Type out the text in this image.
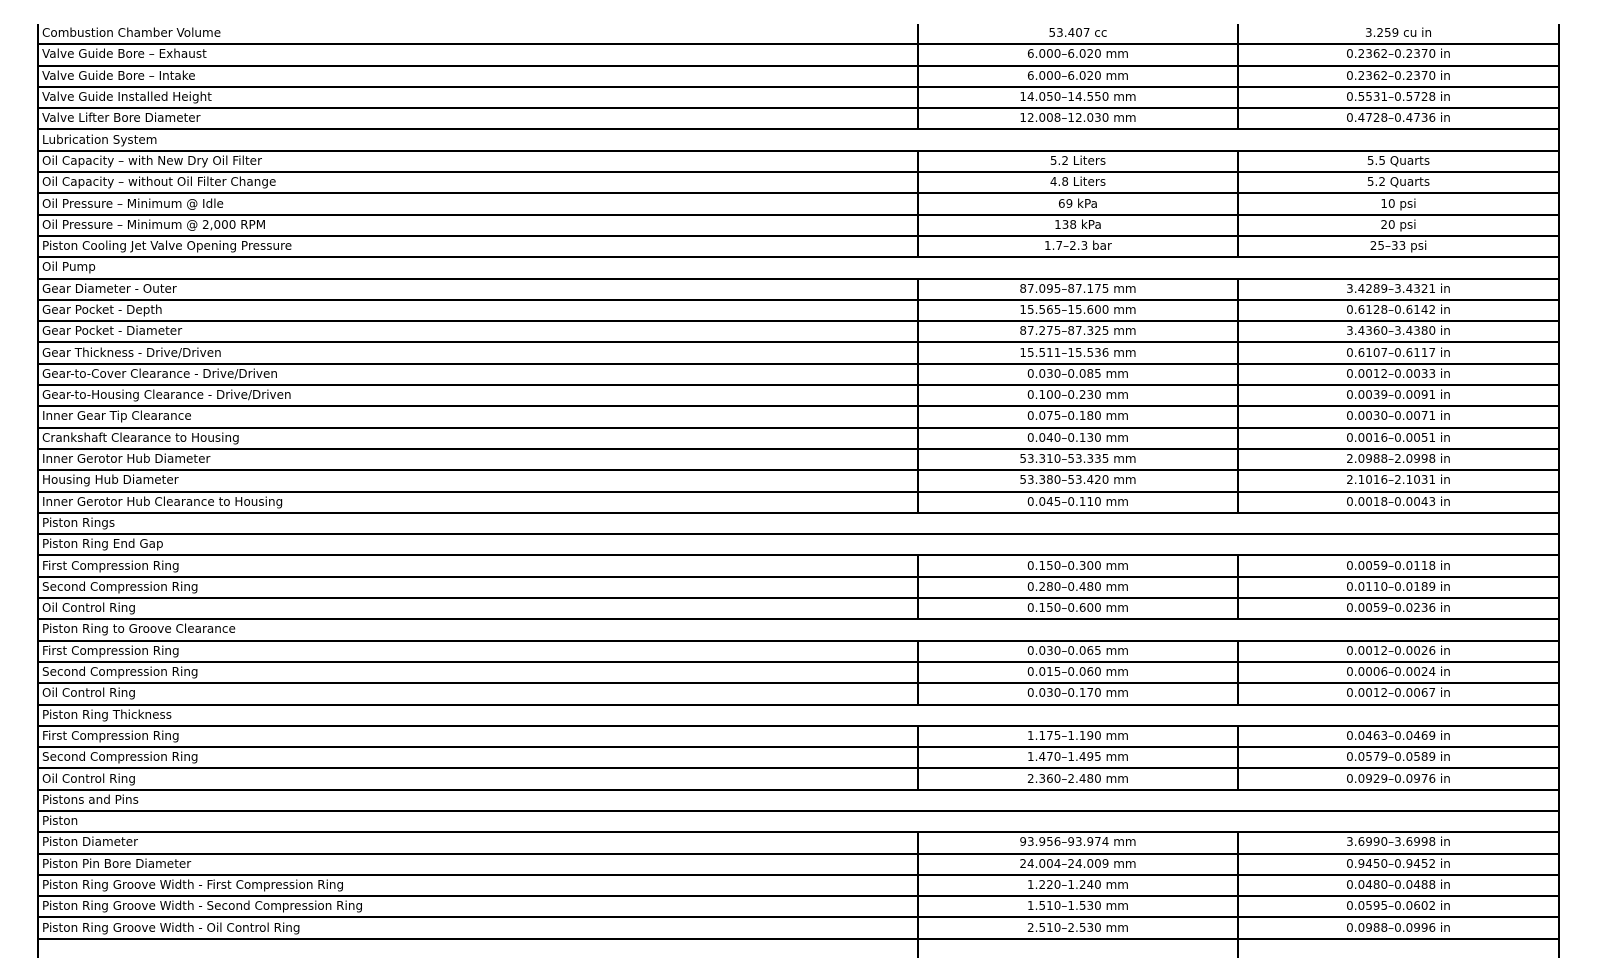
Combustion Chamber Volume	53.407 cc	3.259 cu in
Valve Guide Bore – Exhaust	6.000–6.020 mm	0.2362–0.2370 in
Valve Guide Bore – Intake	6.000–6.020 mm	0.2362–0.2370 in
Valve Guide Installed Height	14.050–14.550 mm	0.5531–0.5728 in
Valve Lifter Bore Diameter	12.008–12.030 mm	0.4728–0.4736 in
Lubrication System		
Oil Capacity – with New Dry Oil Filter	5.2 Liters	5.5 Quarts
Oil Capacity – without Oil Filter Change	4.8 Liters	5.2 Quarts
Oil Pressure – Minimum @ Idle	69 kPa	10 psi
Oil Pressure – Minimum @ 2,000 RPM	138 kPa	20 psi
Piston Cooling Jet Valve Opening Pressure	1.7–2.3 bar	25–33 psi
Oil Pump		
Gear Diameter - Outer	87.095–87.175 mm	3.4289–3.4321 in
Gear Pocket - Depth	15.565–15.600 mm	0.6128–0.6142 in
Gear Pocket - Diameter	87.275–87.325 mm	3.4360–3.4380 in
Gear Thickness - Drive/Driven	15.511–15.536 mm	0.6107–0.6117 in
Gear-to-Cover Clearance - Drive/Driven	0.030–0.085 mm	0.0012–0.0033 in
Gear-to-Housing Clearance - Drive/Driven	0.100–0.230 mm	0.0039–0.0091 in
Inner Gear Tip Clearance	0.075–0.180 mm	0.0030–0.0071 in
Crankshaft Clearance to Housing	0.040–0.130 mm	0.0016–0.0051 in
Inner Gerotor Hub Diameter	53.310–53.335 mm	2.0988–2.0998 in
Housing Hub Diameter	53.380–53.420 mm	2.1016–2.1031 in
Inner Gerotor Hub Clearance to Housing	0.045–0.110 mm	0.0018–0.0043 in
Piston Rings		
Piston Ring End Gap		
First Compression Ring	0.150–0.300 mm	0.0059–0.0118 in
Second Compression Ring	0.280–0.480 mm	0.0110–0.0189 in
Oil Control Ring	0.150–0.600 mm	0.0059–0.0236 in
Piston Ring to Groove Clearance		
First Compression Ring	0.030–0.065 mm	0.0012–0.0026 in
Second Compression Ring	0.015–0.060 mm	0.0006–0.0024 in
Oil Control Ring	0.030–0.170 mm	0.0012–0.0067 in
Piston Ring Thickness		
First Compression Ring	1.175–1.190 mm	0.0463–0.0469 in
Second Compression Ring	1.470–1.495 mm	0.0579–0.0589 in
Oil Control Ring	2.360–2.480 mm	0.0929–0.0976 in
Pistons and Pins		
Piston		
Piston Diameter	93.956–93.974 mm	3.6990–3.6998 in
Piston Pin Bore Diameter	24.004–24.009 mm	0.9450–0.9452 in
Piston Ring Groove Width - First Compression Ring	1.220–1.240 mm	0.0480–0.0488 in
Piston Ring Groove Width - Second Compression Ring	1.510–1.530 mm	0.0595–0.0602 in
Piston Ring Groove Width - Oil Control Ring	2.510–2.530 mm	0.0988–0.0996 in
